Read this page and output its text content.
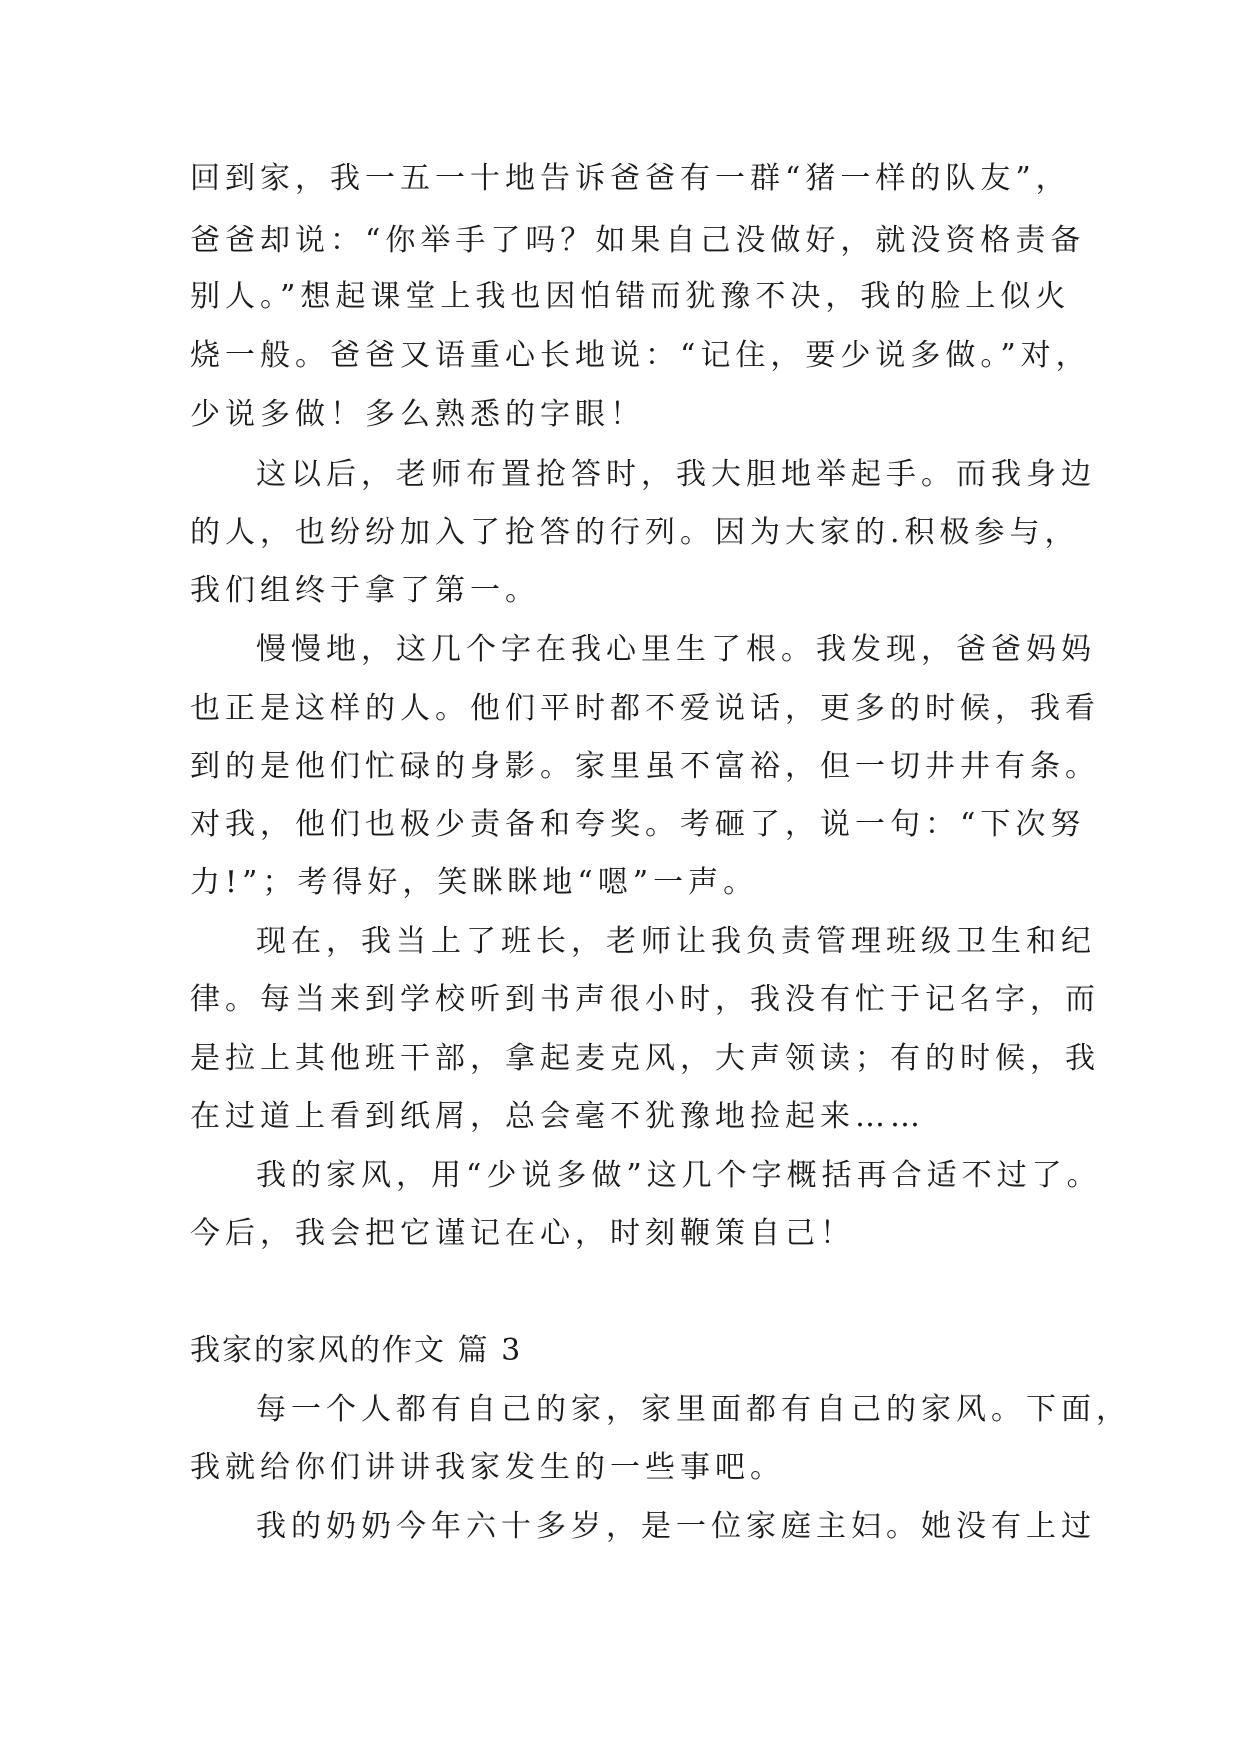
回到家，我一五一十地告诉爸爸有一群“猪一样的队友”，
爸爸却说：“你举手了吗？如果自己没做好，就没资格责备
别人。”想起课堂上我也因怕错而犹豫不决，我的脸上似火
烧一般。爸爸又语重心长地说：“记住，要少说多做。”对，
少说多做！多么熟悉的字眼！
这以后，老师布置抢答时，我大胆地举起手。而我身边
的人，也纷纷加入了抢答的行列。因为大家的.积极参与，
我们组终于拿了第一。
慢慢地，这几个字在我心里生了根。我发现，爸爸妈妈
也正是这样的人。他们平时都不爱说话，更多的时候，我看
到的是他们忙碌的身影。家里虽不富裕，但一切井井有条。
对我，他们也极少责备和夸奖。考砸了，说一句：“下次努
力!”；考得好，笑眯眯地“嗯”一声。
现在，我当上了班长，老师让我负责管理班级卫生和纪
律。每当来到学校听到书声很小时，我没有忙于记名字，而
是拉上其他班干部，拿起麦克风，大声领读；有的时候，我
在过道上看到纸屑，总会毫不犹豫地捡起来……
我的家风，用“少说多做”这几个字概括再合适不过了。
今后，我会把它谨记在心，时刻鞭策自己！
我家的家风的作文 篇 3
每一个人都有自己的家，家里面都有自己的家风。下面，
我就给你们讲讲我家发生的一些事吧。
我的奶奶今年六十多岁，是一位家庭主妇。她没有上过
